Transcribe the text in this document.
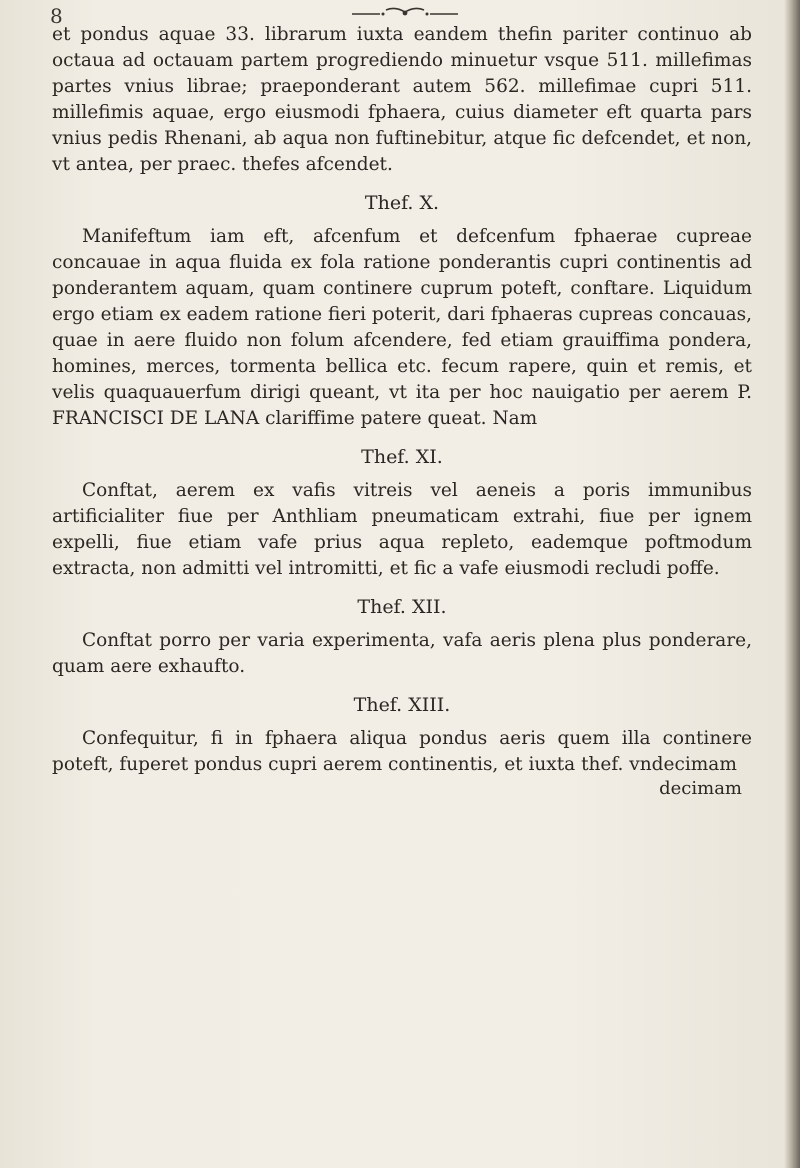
8

et pondus aquae 33. librarum iuxta eandem thefin pariter continuo ab octaua ad octauam partem progrediendo minuetur vsque 511. millefimas partes vnius librae; praeponderant autem 562. millefimae cupri 511. millefimis aquae, ergo eiusmodi fphaera, cuius diameter eft quarta pars vnius pedis Rhenani, ab aqua non fuftinebitur, atque fic defcendet, et non, vt antea, per praec. thefes afcendet.

Thef. X.

Manifeftum iam eft, afcenfum et defcenfum fphaerae cupreae concauae in aqua fluida ex fola ratione ponderantis cupri continentis ad ponderantem aquam, quam continere cuprum poteft, conftare. Liquidum ergo etiam ex eadem ratione fieri poterit, dari fphaeras cupreas concauas, quae in aere fluido non folum afcendere, fed etiam grauiffima pondera, homines, merces, tormenta bellica etc. fecum rapere, quin et remis, et velis quaquauerfum dirigi queant, vt ita per hoc nauigatio per aerem P. FRANCISCI DE LANA clariffime patere queat. Nam

Thef. XI.

Conftat, aerem ex vafis vitreis vel aeneis a poris immunibus artificialiter fiue per Anthliam pneumaticam extrahi, fiue per ignem expelli, fiue etiam vafe prius aqua repleto, eademque poftmodum extracta, non admitti vel intromitti, et fic a vafe eiusmodi recludi poffe.

Thef. XII.

Conftat porro per varia experimenta, vafa aeris plena plus ponderare, quam aere exhaufto.

Thef. XIII.

Confequitur, fi in fphaera aliqua pondus aeris quem illa continere poteft, fuperet pondus cupri aerem continentis, et iuxta thef. vndecimam

decimam
